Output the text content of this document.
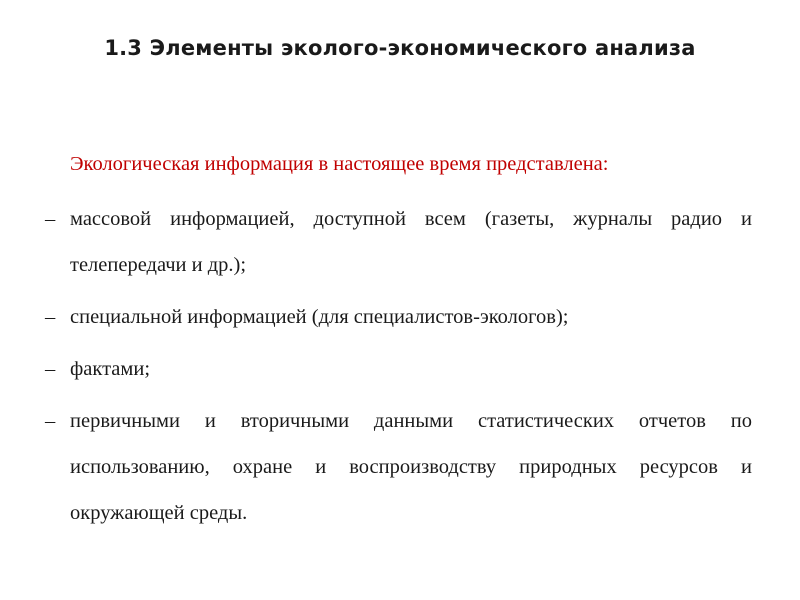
1.3 Элементы эколого-экономического анализа
Экологическая информация в настоящее время представлена:
– массовой информацией, доступной всем (газеты, журналы радио и телепередачи и др.);
– специальной информацией (для специалистов-экологов);
– фактами;
– первичными и вторичными данными статистических отчетов по использованию, охране и воспроизводству природных ресурсов и окружающей среды.
